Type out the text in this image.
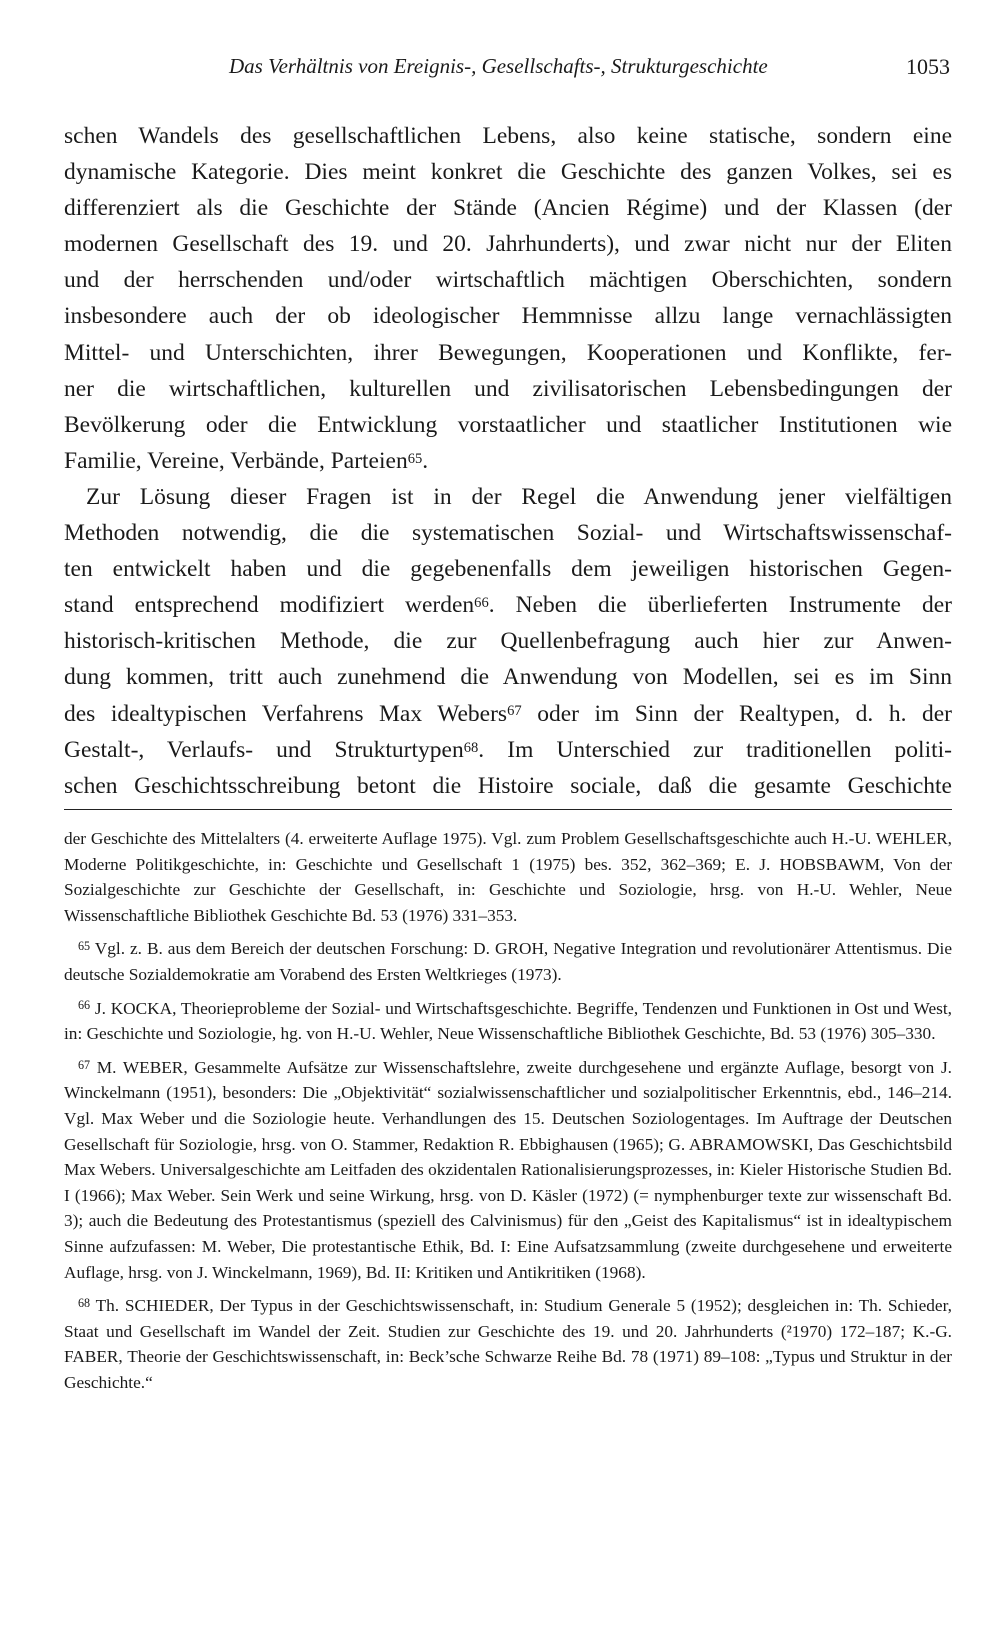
Das Verhältnis von Ereignis-, Gesellschafts-, Strukturgeschichte	1053

schen Wandels des gesellschaftlichen Lebens, also keine statische, sondern eine
dynamische Kategorie. Dies meint konkret die Geschichte des ganzen Volkes, sei es
differenziert als die Geschichte der Stände (Ancien Régime) und der Klassen (der
modernen Gesellschaft des 19. und 20. Jahrhunderts), und zwar nicht nur der Eliten
und der herrschenden und/oder wirtschaftlich mächtigen Oberschichten, sondern
insbesondere auch der ob ideologischer Hemmnisse allzu lange vernachlässigten
Mittel- und Unterschichten, ihrer Bewegungen, Kooperationen und Konflikte, fer-
ner die wirtschaftlichen, kulturellen und zivilisatorischen Lebensbedingungen der
Bevölkerung oder die Entwicklung vorstaatlicher und staatlicher Institutionen wie
Familie, Vereine, Verbände, Parteien$^{65}$.

Zur Lösung dieser Fragen ist in der Regel die Anwendung jener vielfältigen
Methoden notwendig, die die systematischen Sozial- und Wirtschaftswissenschaf-
ten entwickelt haben und die gegebenenfalls dem jeweiligen historischen Gegen-
stand entsprechend modifiziert werden$^{66}$. Neben die überlieferten Instrumente der
historisch-kritischen Methode, die zur Quellenbefragung auch hier zur Anwen-
dung kommen, tritt auch zunehmend die Anwendung von Modellen, sei es im Sinn
des idealtypischen Verfahrens Max Webers$^{67}$ oder im Sinn der Realtypen, d. h. der
Gestalt-, Verlaufs- und Strukturtypen$^{68}$. Im Unterschied zur traditionellen politi-
schen Geschichtsschreibung betont die Histoire sociale, daß die gesamte Geschichte

der Geschichte des Mittelalters (4. erweiterte Auflage 1975). Vgl. zum Problem Gesellschaftsgeschichte auch H.-U. WEHLER, Moderne Politikgeschichte, in: Geschichte und Gesellschaft 1 (1975) bes. 352, 362–369; E. J. HOBSBAWM, Von der Sozialgeschichte zur Geschichte der Gesellschaft, in: Geschichte und Soziologie, hrsg. von H.-U. Wehler, Neue Wissenschaftliche Bibliothek Geschichte Bd. 53 (1976) 331–353.

$^{65}$ Vgl. z. B. aus dem Bereich der deutschen Forschung: D. GROH, Negative Integration und revolutionärer Attentismus. Die deutsche Sozialdemokratie am Vorabend des Ersten Weltkrieges (1973).

$^{66}$ J. KOCKA, Theorieprobleme der Sozial- und Wirtschaftsgeschichte. Begriffe, Tendenzen und Funktionen in Ost und West, in: Geschichte und Soziologie, hg. von H.-U. Wehler, Neue Wissenschaftliche Bibliothek Geschichte, Bd. 53 (1976) 305–330.

$^{67}$ M. WEBER, Gesammelte Aufsätze zur Wissenschaftslehre, zweite durchgesehene und ergänzte Auflage, besorgt von J. Winckelmann (1951), besonders: Die „Objektivität“ sozialwissenschaftlicher und sozialpolitischer Erkenntnis, ebd., 146–214. Vgl. Max Weber und die Soziologie heute. Verhandlungen des 15. Deutschen Soziologentages. Im Auftrage der Deutschen Gesellschaft für Soziologie, hrsg. von O. Stammer, Redaktion R. Ebbighausen (1965); G. ABRAMOWSKI, Das Geschichtsbild Max Webers. Universalgeschichte am Leitfaden des okzidentalen Rationalisierungsprozesses, in: Kieler Historische Studien Bd. I (1966); Max Weber. Sein Werk und seine Wirkung, hrsg. von D. Käsler (1972) (= nymphenburger texte zur wissenschaft Bd. 3); auch die Bedeutung des Protestantismus (speziell des Calvinismus) für den „Geist des Kapitalismus“ ist in idealtypischem Sinne aufzufassen: M. Weber, Die protestantische Ethik, Bd. I: Eine Aufsatzsammlung (zweite durchgesehene und erweiterte Auflage, hrsg. von J. Winckelmann, 1969), Bd. II: Kritiken und Antikritiken (1968).

$^{68}$ Th. SCHIEDER, Der Typus in der Geschichtswissenschaft, in: Studium Generale 5 (1952); desgleichen in: Th. Schieder, Staat und Gesellschaft im Wandel der Zeit. Studien zur Geschichte des 19. und 20. Jahrhunderts (²1970) 172–187; K.-G. FABER, Theorie der Geschichtswissenschaft, in: Beck’sche Schwarze Reihe Bd. 78 (1971) 89–108: „Typus und Struktur in der Geschichte.“
